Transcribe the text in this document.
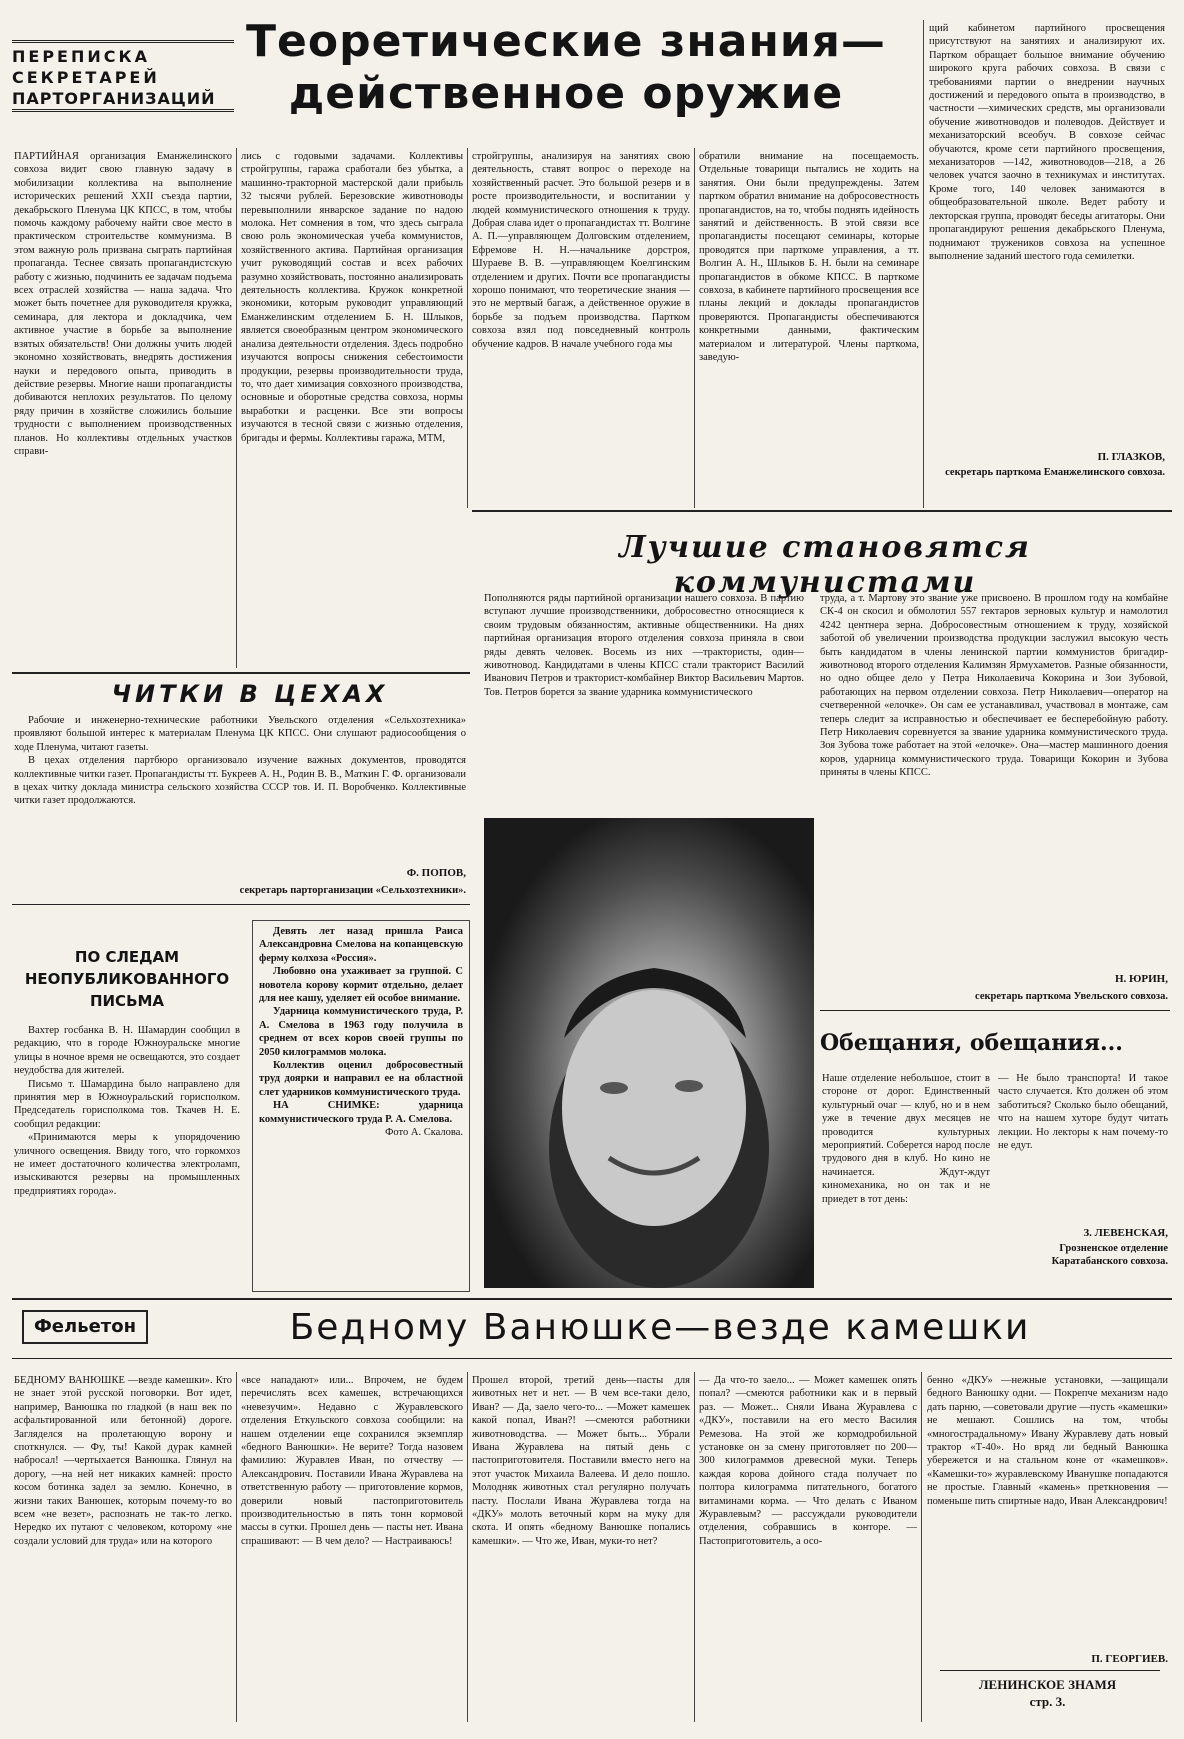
ПЕРЕПИСКА
СЕКРЕТАРЕЙ
ПАРТОРГАНИЗАЦИЙ
Теоретические знания—
действенное оружие
ПАРТИЙНАЯ организация Еманжелинского совхоза видит свою главную задачу в мобилизации коллектива на выполнение исторических решений XXII съезда партии, декабрьского Пленума ЦК КПСС, в том, чтобы помочь каждому рабочему найти свое место в практическом строительстве коммунизма. В этом важную роль призвана сыграть партийная пропаганда. Теснее связать пропагандистскую работу с жизнью, подчинить ее задачам подъема всех отраслей хозяйства — наша задача. Что может быть почетнее для руководителя кружка, семинара, для лектора и докладчика, чем активное участие в борьбе за выполнение взятых обязательств! Они должны учить людей экономно хозяйствовать, внедрять достижения науки и передового опыта, приводить в действие резервы. Многие наши пропагандисты добиваются неплохих результатов. По целому ряду причин в хозяйстве сложились большие трудности с выполнением производственных планов. Но коллективы отдельных участков справи-
лись с годовыми задачами. Коллективы стройгруппы, гаража сработали без убытка, а машинно-тракторной мастерской дали прибыль 32 тысячи рублей. Березовские животноводы перевыполнили январское задание по надою молока. Нет сомнения в том, что здесь сыграла свою роль экономическая учеба коммунистов, хозяйственного актива. Партийная организация учит руководящий состав и всех рабочих разумно хозяйствовать, постоянно анализировать деятельность коллектива. Кружок конкретной экономики, которым руководит управляющий Еманжелинским отделением Б. Н. Шлыков, является своеобразным центром экономического анализа деятельности отделения. Здесь подробно изучаются вопросы снижения себестоимости продукции, резервы производительности труда, то, что дает химизация совхозного производства, основные и оборотные средства совхоза, нормы выработки и расценки. Все эти вопросы изучаются в тесной связи с жизнью отделения, бригады и фермы. Коллективы гаража, МТМ,
стройгруппы, анализируя на занятиях свою деятельность, ставят вопрос о переходе на хозяйственный расчет. Это большой резерв и в росте производительности, и воспитании у людей коммунистического отношения к труду. Добрая слава идет о пропагандистах тт. Волгине А. П.—управляющем Долговским отделением, Ефремове Н. Н.—начальнике дорстроя, Шураеве В. В. —управляющем Коелгинским отделением и других. Почти все пропагандисты хорошо понимают, что теоретические знания — это не мертвый багаж, а действенное оружие в борьбе за подъем производства. Партком совхоза взял под повседневный контроль обучение кадров. В начале учебного года мы
обратили внимание на посещаемость. Отдельные товарищи пытались не ходить на занятия. Они были предупреждены. Затем партком обратил внимание на добросовестность пропагандистов, на то, чтобы поднять идейность занятий и действенность. В этой связи все пропагандисты посещают семинары, которые проводятся при парткоме управления, а тт. Волгин А. Н., Шлыков Б. Н. были на семинаре пропагандистов в обкоме КПСС. В парткоме совхоза, в кабинете партийного просвещения все планы лекций и доклады пропагандистов проверяются. Пропагандисты обеспечиваются конкретными данными, фактическим материалом и литературой. Члены парткома, заведую-
щий кабинетом партийного просвещения присутствуют на занятиях и анализируют их. Партком обращает большое внимание обучению широкого круга рабочих совхоза. В связи с требованиями партии о внедрении научных достижений и передового опыта в производство, в частности —химических средств, мы организовали обучение животноводов и полеводов. Действует и механизаторский всеобуч. В совхозе сейчас обучаются, кроме сети партийного просвещения, механизаторов —142, животноводов—218, а 26 человек учатся заочно в техникумах и институтах. Кроме того, 140 человек занимаются в общеобразовательной школе. Ведет работу и лекторская группа, проводят беседы агитаторы. Они пропагандируют решения декабрьского Пленума, поднимают тружеников совхоза на успешное выполнение заданий шестого года семилетки.
П. ГЛАЗКОВ,
секретарь парткома Еманжелинского совхоза.
ЧИТКИ В ЦЕХАХ

Рабочие и инженерно-технические работники Увельского отделения «Сельхозтехника» проявляют большой интерес к материалам Пленума ЦК КПСС. Они слушают радиосообщения о ходе Пленума, читают газеты.

В цехах отделения партбюро организовало изучение важных документов, проводятся коллективные читки газет. Пропагандисты тт. Букреев А. Н., Родин В. В., Маткин Г. Ф. организовали в цехах читку доклада министра сельского хозяйства СССР тов. И. П. Воробченко. Коллективные читки газет продолжаются.

Ф. ПОПОВ,
секретарь парторганизации «Сельхозтехники».
ПО СЛЕДАМ
НЕОПУБЛИКОВАННОГО
ПИСЬМА

Вахтер госбанка В. Н. Шамардин сообщил в редакцию, что в городе Южноуральске многие улицы в ночное время не освещаются, это создает неудобства для жителей.

Письмо т. Шамардина было направлено для принятия мер в Южноуральский горисполком. Председатель горисполкома тов. Ткачев Н. Е. сообщил редакции:

«Принимаются меры к упорядочению уличного освещения. Ввиду того, что горкомхоз не имеет достаточного количества электроламп, изыскиваются резервы на промышленных предприятиях города».

Девять лет назад пришла Раиса Александровна Смелова на копанцевскую ферму колхоза «Россия».

Любовно она ухаживает за группой. С новотела корову кормит отдельно, делает для нее кашу, уделяет ей особое внимание.

Ударница коммунистического труда, Р. А. Смелова в 1963 году получила в среднем от всех коров своей группы по 2050 килограммов молока.

Коллектив оценил добросовестный труд доярки и направил ее на областной слет ударников коммунистического труда.

НА СНИМКЕ: ударница коммунистического труда Р. А. Смелова.

Фото А. Скалова.
Лучшие становятся коммунистами
Пополняются ряды партийной организации нашего совхоза. В партию вступают лучшие производственники, добросовестно относящиеся к своим трудовым обязанностям, активные общественники. На днях партийная организация второго отделения совхоза приняла в свои ряды девять человек. Восемь из них —трактористы, один—животновод. Кандидатами в члены КПСС стали тракторист Василий Иванович Петров и тракторист-комбайнер Виктор Васильевич Мартов. Тов. Петров борется за звание ударника коммунистического
труда, а т. Мартову это звание уже присвоено. В прошлом году на комбайне СК-4 он скосил и обмолотил 557 гектаров зерновых культур и намолотил 4242 центнера зерна. Добросовестным отношением к труду, хозяйской заботой об увеличении производства продукции заслужил высокую честь быть кандидатом в члены ленинской партии коммунистов бригадир-животновод второго отделения Калимзян Ярмухаметов. Разные обязанности, но одно общее дело у Петра Николаевича Кокорина и Зои Зубовой, работающих на первом отделении совхоза. Петр Николаевич—оператор на счетверенной «елочке». Он сам ее устанавливал, участвовал в монтаже, сам теперь следит за исправностью и обеспечивает ее бесперебойную работу. Петр Николаевич соревнуется за звание ударника коммунистического труда. Зоя Зубова тоже работает на этой «елочке». Она—мастер машинного доения коров, ударница коммунистического труда. Товарищи Кокорин и Зубова приняты в члены КПСС.
Н. ЮРИН,
секретарь парткома Увельского совхоза.
Обещания, обещания...
Наше отделение небольшое, стоит в стороне от дорог. Единственный культурный очаг — клуб, но и в нем уже в течение двух месяцев не проводится культурных мероприятий. Соберется народ после трудового дня в клуб. Но кино не начинается. Ждут-ждут киномеханика, но он так и не приедет в тот день:
— Не было транспорта! И такое часто случается. Кто должен об этом заботиться? Сколько было обещаний, что на нашем хуторе будут читать лекции. Но лекторы к нам почему-то не едут.
З. ЛЕВЕНСКАЯ,
Грозненское отделение Каратабанского совхоза.
Фельетон	Бедному Ванюшке—везде камешки
БЕДНОМУ ВАНЮШКЕ —везде камешки». Кто не знает этой русской поговорки. Вот идет, например, Ванюшка по гладкой (в наш век по асфальтированной или бетонной) дороге. Загляделся на пролетающую ворону и споткнулся. — Фу, ты! Какой дурак камней набросал! —чертыхается Ванюшка. Глянул на дорогу, —на ней нет никаких камней: просто косом ботинка задел за землю. Конечно, в жизни таких Ванюшек, которым почему-то во всем «не везет», распознать не так-то легко. Нередко их путают с человеком, которому «не создали условий для труда» или на которого
«все нападают» или... Впрочем, не будем перечислять всех камешек, встречающихся «невезучим». Недавно с Журавлевского отделения Еткульского совхоза сообщили: на нашем отделении еще сохранился экземпляр «бедного Ванюшки». Не верите? Тогда назовем фамилию: Журавлев Иван, по отчеству — Александрович. Поставили Ивана Журавлева на ответственную работу — приготовление кормов, доверили новый пастоприготовитель производительностью в пять тонн кормовой массы в сутки. Прошел день — пасты нет. Ивана спрашивают: — В чем дело? — Настраиваюсь!
Прошел второй, третий день—пасты для животных нет и нет. — В чем все-таки дело, Иван? — Да, заело чего-то... —Может камешек какой попал, Иван?! —смеются работники животноводства. — Может быть... Убрали Ивана Журавлева на пятый день с пастоприготовителя. Поставили вместо него на этот участок Михаила Валеева. И дело пошло. Молодняк животных стал регулярно получать пасту. Послали Ивана Журавлева тогда на «ДКУ» молоть веточный корм на муку для скота. И опять «бедному Ванюшке попались камешки». — Что же, Иван, муки-то нет?
— Да что-то заело... — Может камешек опять попал? —смеются работники как и в первый раз. — Может... Сняли Ивана Журавлева с «ДКУ», поставили на его место Василия Ремезова. На этой же кормодробильной установке он за смену приготовляет по 200—300 килограммов древесной муки. Теперь каждая корова дойного стада получает по полтора килограмма питательного, богатого витаминами корма. — Что делать с Иваном Журавлевым? — рассуждали руководители отделения, собравшись в конторе. — Пастоприготовитель, а осо-
бенно «ДКУ» —нежные установки, —защищали бедного Ванюшку одни. — Покрепче механизм надо дать парню, —советовали другие —пусть «камешки» не мешают. Сошлись на том, чтобы «многострадальному» Ивану Журавлеву дать новый трактор «Т-40». Но вряд ли бедный Ванюшка убережется и на стальном коне от «камешков». «Камешки-то» журавлевскому Иванушке попадаются не простые. Главный «камень» преткновения — поменьше пить спиртные надо, Иван Александрович!
П. ГЕОРГИЕВ.
ЛЕНИНСКОЕ ЗНАМЯ
стр. 3.
